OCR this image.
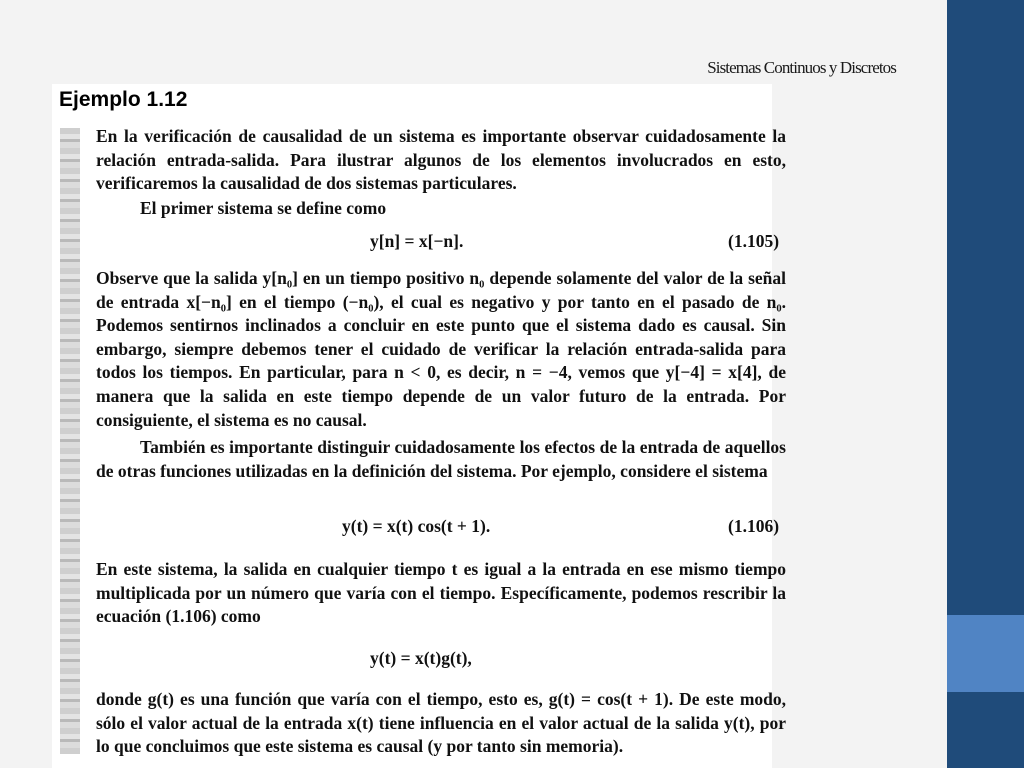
Sistemas Continuos y Discretos
Ejemplo 1.12

En la verificación de causalidad de un sistema es importante observar cuidadosamente la relación entrada-salida. Para ilustrar algunos de los elementos involucrados en esto, verificaremos la causalidad de dos sistemas particulares.

El primer sistema se define como

y[n] = x[−n].	(1.105)

Observe que la salida y[n₀] en un tiempo positivo n₀ depende solamente del valor de la señal de entrada x[−n₀] en el tiempo (−n₀), el cual es negativo y por tanto en el pasado de n₀. Podemos sentirnos inclinados a concluir en este punto que el sistema dado es causal. Sin embargo, siempre debemos tener el cuidado de verificar la relación entrada-salida para todos los tiempos. En particular, para n < 0, es decir, n = −4, vemos que y[−4] = x[4], de manera que la salida en este tiempo depende de un valor futuro de la entrada. Por consiguiente, el sistema es no causal.

También es importante distinguir cuidadosamente los efectos de la entrada de aquellos de otras funciones utilizadas en la definición del sistema. Por ejemplo, considere el sistema

y(t) = x(t) cos(t + 1).	(1.106)

En este sistema, la salida en cualquier tiempo t es igual a la entrada en ese mismo tiempo multiplicada por un número que varía con el tiempo. Específicamente, podemos rescribir la ecuación (1.106) como

y(t) = x(t)g(t),

donde g(t) es una función que varía con el tiempo, esto es, g(t) = cos(t + 1). De este modo, sólo el valor actual de la entrada x(t) tiene influencia en el valor actual de la salida y(t), por lo que concluimos que este sistema es causal (y por tanto sin memoria).
